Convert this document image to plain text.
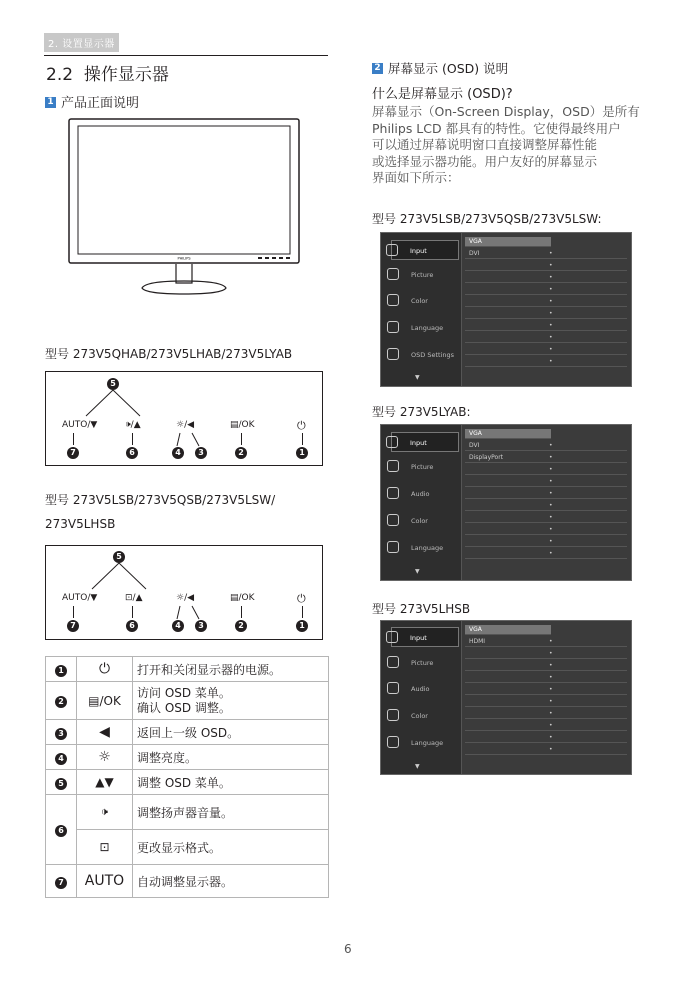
2. 设置显示器
2.2 操作显示器
1 产品正面说明
PHILIPS
型号 273V5QHAB/273V5LHAB/273V5LYAB
5
AUTO/▼	🕩/▲	☼/◀	▤/OK	⏻
7	6	4	3	2	1
型号 273V5LSB/273V5QSB/273V5LSW/
273V5LHSB
5
AUTO/▼	⊡/▲	☼/◀	▤/OK	⏻
7	6	4	3	2	1
1	⏻	打开和关闭显示器的电源。
2	▤/OK	访问 OSD 菜单。
确认 OSD 调整。
3	◀	返回上一级 OSD。
4	☼	调整亮度。
5	▲▼	调整 OSD 菜单。
6	🕩	调整扬声器音量。
	⊡	更改显示格式。
7	AUTO	自动调整显示器。
2 屏幕显示 (OSD) 说明
什么是屏幕显示 (OSD)?
屏幕显示（On-Screen Display，OSD）是所有
Philips LCD 都具有的特性。它使得最终用户
可以通过屏幕说明窗口直接调整屏幕性能
或选择显示器功能。用户友好的屏幕显示
界面如下所示：
型号 273V5LSB/273V5QSB/273V5LSW:
Input
Picture
Color
Language
OSD Settings
▼
VGA
DVI	•
•
•
•
•
•
•
•
•
•
型号 273V5LYAB:
Input
Picture
Audio
Color
Language
▼
VGA
DVI	•
DisplayPort	•
•
•
•
•
•
•
•
•
型号 273V5LHSB
Input
Picture
Audio
Color
Language
▼
VGA
HDMI	•
•
•
•
•
•
•
•
•
•
6
